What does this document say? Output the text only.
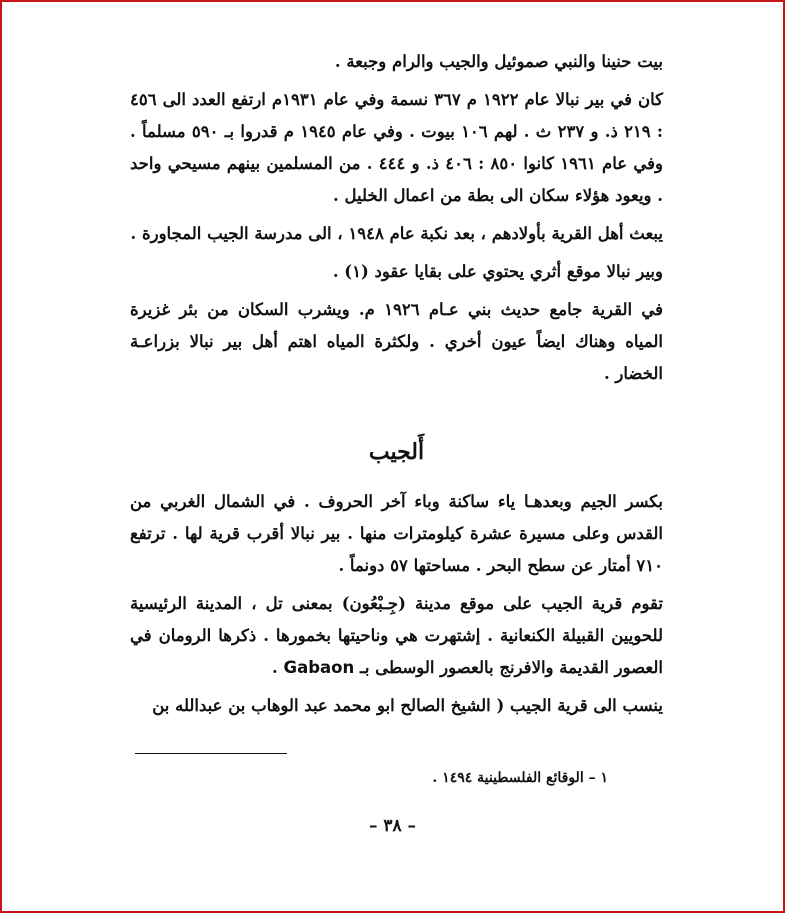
بيت حنينا والنبي صموئيل والجيب والرام وجبعة .

كان في بير نبالا عام ١٩٢٢ م ٣٦٧ نسمة وفي عام ١٩٣١م ارتفع العدد الى ٤٥٦ : ٢١٩ ذ. و ٢٣٧ ث . لهم ١٠٦ بيوت . وفي عام ١٩٤٥ م قدروا بـ ٥٩٠ مسلماً . وفي عام ١٩٦١ كانوا ٨٥٠ : ٤٠٦ ذ. و ٤٤٤ . من المسلمين بينهم مسيحي واحد . ويعود هؤلاء سكان الى بطة من اعمال الخليل .

يبعث أهل القرية بأولادهم ، بعد نكبة عام ١٩٤٨ ، الى مدرسة الجيب المجاورة .

وبير نبالا موقع أثري يحتوي على بقايا عقود (١) .

في القرية جامع حديث بني عـام ١٩٢٦ م. ويشرب السكان من بئر غزيرة المياه وهناك ايضاً عيون أخري . ولكثرة المياه اهتم أهل بير نبالا بزراعـة الخضار .

أَلجيب

بكسر الجيم وبعدهـا ياء ساكنة وباء آخر الحروف . في الشمال الغربي من القدس وعلى مسيرة عشرة كيلومترات منها . بير نبالا أقرب قرية لها . ترتفع ٧١٠ أمتار عن سطح البحر . مساحتها ٥٧ دونماً .

تقوم قرية الجيب على موقع مدينة (جِـبْعُون) بمعنى تل ، المدينة الرئيسية للحويين القبيلة الكنعانية . إشتهرت هي وناحيتها بخمورها . ذكرها الرومان في العصور القديمة والافرنج بالعصور الوسطى بـ Gabaon .

ينسب الى قرية الجيب ( الشيخ الصالح ابو محمد عبد الوهاب بن عبدالله بن

١ – الوقائع الفلسطينية ١٤٩٤ .
– ٣٨ –
